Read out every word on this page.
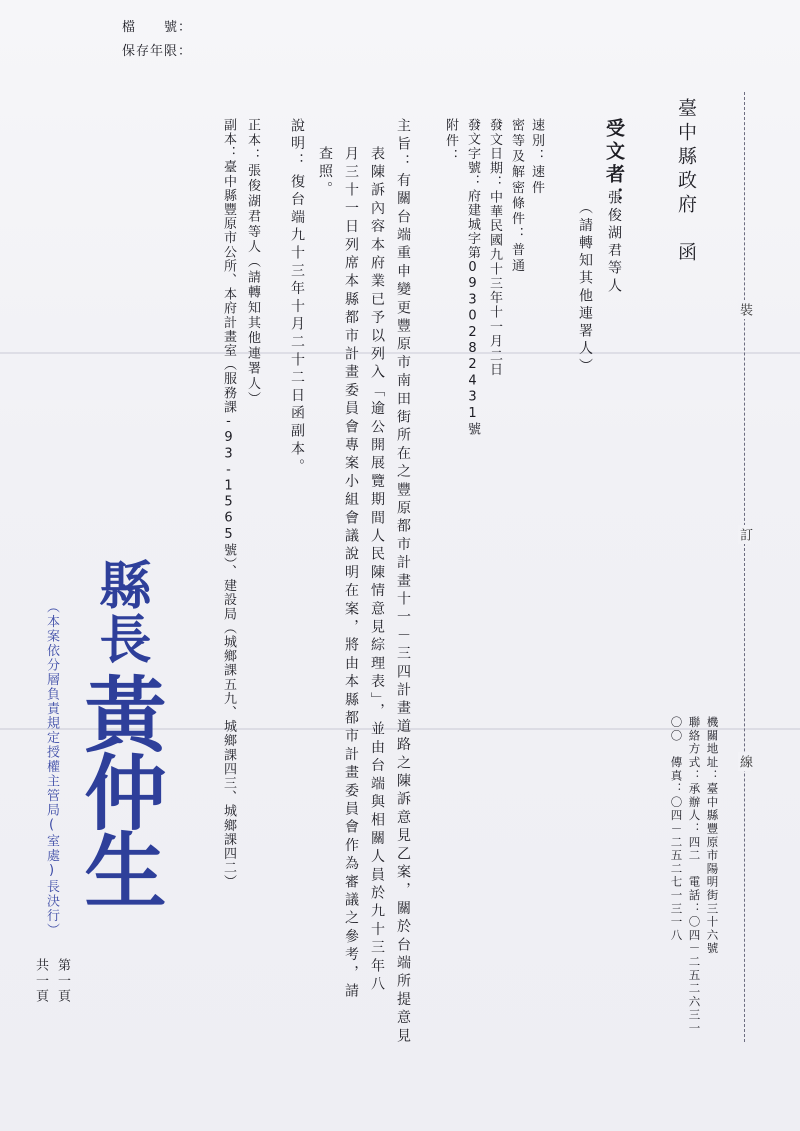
檔　　號：
保存年限：
裝
訂
線
機關地址：臺中縣豐原市陽明街三十六號
聯絡方式：承辦人：四二　電話：〇四－二五二六三一
〇〇　傳真：〇四－二五二七一三一八
臺中縣政府　函
受文者：
張俊湖君等人
（請轉知其他連署人）
速別：速件
密等及解密條件：普通
發文日期：中華民國九十三年十一月二日
發文字號：府建城字第0930282431號
附件：
主旨：有關台端重申變更豐原市南田街所在之豐原都市計畫十一－三四計畫道路之陳訴意見乙案，關於台端所提意見
表陳訴內容本府業已予以列入「逾公開展覽期間人民陳情意見綜理表」，並由台端與相關人員於九十三年八
月三十一日列席本縣都市計畫委員會專案小組會議說明在案，將由本縣都市計畫委員會作為審議之參考，請
查照。
說明：
復台端九十三年十月二十二日函副本。
正本：張俊湖君等人（請轉知其他連署人）
副本：臺中縣豐原市公所、本府計畫室（服務課-93-1565號）、建設局（城鄉課五九、城鄉課四三、城鄉課四二）
縣長
黃仲生
（本案依分層負責規定授權主管局(室處)長決行）
第一頁
共一頁
